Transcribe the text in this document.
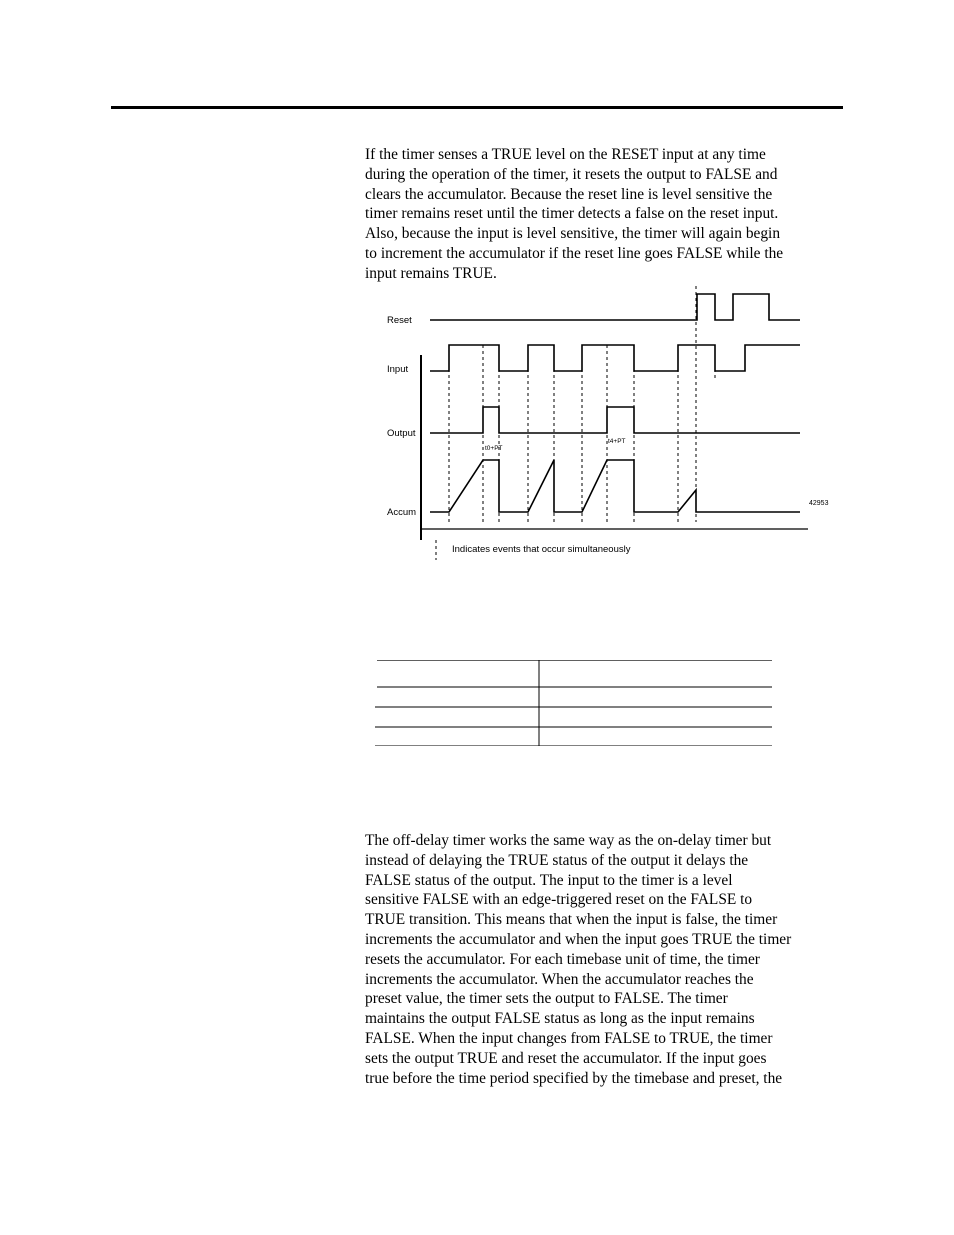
If the timer senses a TRUE level on the RESET input at any time
during the operation of the timer, it resets the output to FALSE and
clears the accumulator. Because the reset line is level sensitive the
timer remains reset until the timer detects a false on the reset input.
Also, because the input is level sensitive, the timer will again begin
to increment the accumulator if the reset line goes FALSE while the
input remains TRUE.
Reset
Input
Output
Accum
t0+PT
t4+PT
42953
Indicates events that occur simultaneously
The off-delay timer works the same way as the on-delay timer but
instead of delaying the TRUE status of the output it delays the
FALSE status of the output. The input to the timer is a level
sensitive FALSE with an edge-triggered reset on the FALSE to
TRUE transition. This means that when the input is false, the timer
increments the accumulator and when the input goes TRUE the timer
resets the accumulator. For each timebase unit of time, the timer
increments the accumulator. When the accumulator reaches the
preset value, the timer sets the output to FALSE. The timer
maintains the output FALSE status as long as the input remains
FALSE. When the input changes from FALSE to TRUE, the timer
sets the output TRUE and reset the accumulator. If the input goes
true before the time period specified by the timebase and preset, the
